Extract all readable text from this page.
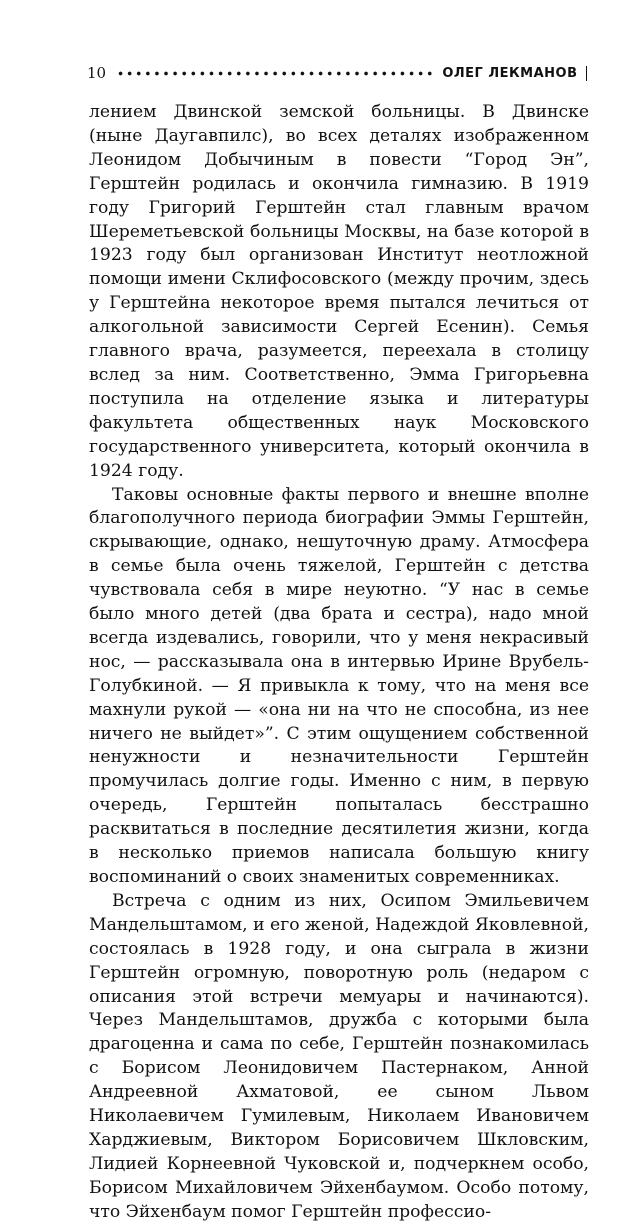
10	ОЛЕГ ЛЕКМАНОВ

лением Двинской земской больницы. В Двинске (ныне Даугавпилс), во всех деталях изображенном Леонидом Добычиным в повести “Город Эн”, Герштейн родилась и окончила гимназию. В 1919 году Григорий Герштейн стал главным врачом Шереметьевской больницы Москвы, на базе которой в 1923 году был организован Институт неотложной помощи имени Склифосовского (между прочим, здесь у Герштейна некоторое время пытался лечиться от алкогольной зависимости Сергей Есенин). Семья главного врача, разумеется, переехала в столицу вслед за ним. Соответственно, Эмма Григорьевна поступила на отделение языка и литературы факультета общественных наук Московского государственного университета, который окончила в 1924 году.

Таковы основные факты первого и внешне вполне благополучного периода биографии Эммы Герштейн, скрывающие, однако, нешуточную драму. Атмосфера в семье была очень тяжелой, Герштейн с детства чувствовала себя в мире неуютно. “У нас в семье было много детей (два брата и сестра), надо мной всегда издевались, говорили, что у меня некрасивый нос, — рассказывала она в интервью Ирине Врубель-Голубкиной. — Я привыкла к тому, что на меня все махнули рукой — «она ни на что не способна, из нее ничего не выйдет»”. С этим ощущением собственной ненужности и незначительности Герштейн промучилась долгие годы. Именно с ним, в первую очередь, Герштейн попыталась бесстрашно расквитаться в последние десятилетия жизни, когда в несколько приемов написала большую книгу воспоминаний о своих знаменитых современниках.

Встреча с одним из них, Осипом Эмильевичем Мандельштамом, и его женой, Надеждой Яковлевной, состоялась в 1928 году, и она сыграла в жизни Герштейн огромную, поворотную роль (недаром с описания этой встречи мемуары и начинаются). Через Мандельштамов, дружба с которыми была драгоценна и сама по себе, Герштейн познакомилась с Борисом Леонидовичем Пастернаком, Анной Андреевной Ахматовой, ее сыном Львом Николаевичем Гумилевым, Николаем Ивановичем Харджиевым, Виктором Борисовичем Шкловским, Лидией Корнеевной Чуковской и, подчеркнем особо, Борисом Михайловичем Эйхенбаумом. Особо потому, что Эйхенбаум помог Герштейн профессио-
